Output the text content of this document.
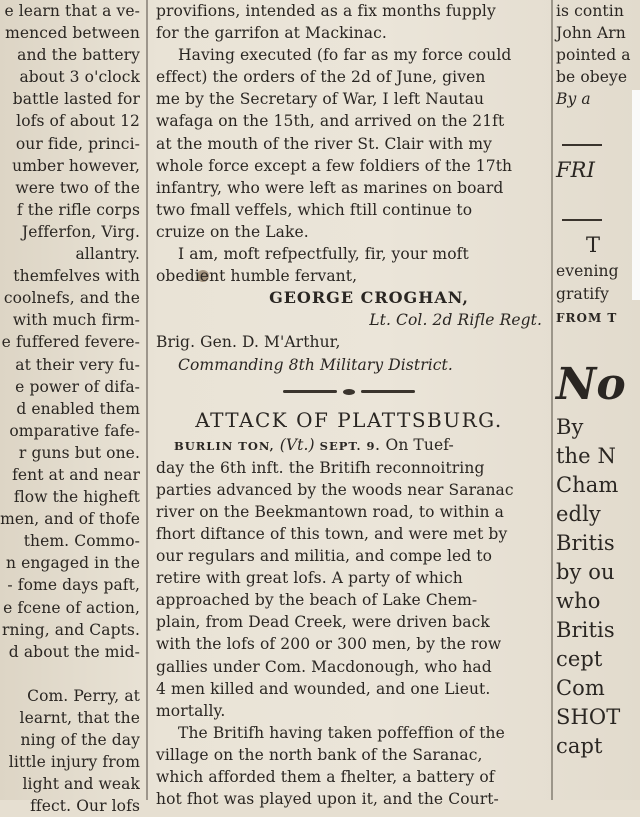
e learn that a ve-
menced between
and the battery
about 3 o'clock
battle lasted for
lofs of about 12
our fide, princi-
umber however,
were two of the
f the rifle corps
Jefferfon, Virg.
allantry.
themfelves with
coolnefs, and the
with much firm-
e fuffered fevere-
at their very fu-
e power of difa-
d enabled them
omparative fafe-
r guns but one.
fent at and near
flow the higheft
men, and of thofe
them. Commo-
n engaged in the
- fome days paft,
e fcene of action,
rning, and Capts.
d about the mid-

Com. Perry, at
learnt, that the
ning of the day
little injury from
light and weak
ffect. Our lofs
provifions, intended as a fix months fupply
for the garrifon at Mackinac.
Having executed (fo far as my force could
effect) the orders of the 2d of June, given
me by the Secretary of War, I left Nautau
wafaga on the 15th, and arrived on the 21ft
at the mouth of the river St. Clair with my
whole force except a few foldiers of the 17th
infantry, who were left as marines on board
two fmall veffels, which ftill continue to
cruize on the Lake.
I am, moft refpectfully, fir, your moft
obedient humble fervant,
GEORGE CROGHAN,
Lt. Col. 2d Rifle Regt.
Brig. Gen. D. M'Arthur,
Commanding 8th Military District.
ATTACK OF PLATTSBURG.
BURLIN TON, (Vt.) SEPT. 9. On Tuef-
day the 6th inft. the Britifh reconnoitring
parties advanced by the woods near Saranac
river on the Beekmantown road, to within a
fhort diftance of this town, and were met by
our regulars and militia, and compe led to
retire with great lofs. A party of which
approached by the beach of Lake Chem-
plain, from Dead Creek, were driven back
with the lofs of 200 or 300 men, by the row
gallies under Com. Macdonough, who had
4 men killed and wounded, and one Lieut.
mortally.
The Britifh having taken poffeffion of the
village on the north bank of the Saranac,
which afforded them a fhelter, a battery of
hot fhot was played upon it, and the Court-
is contin
John Arn
pointed a
be obeye
By a
FRI
T
evening
gratify
FROM T
No
By
the N
Cham
edly
Britis
by ou
who
Britis
cept
Com
SHOT
capt
